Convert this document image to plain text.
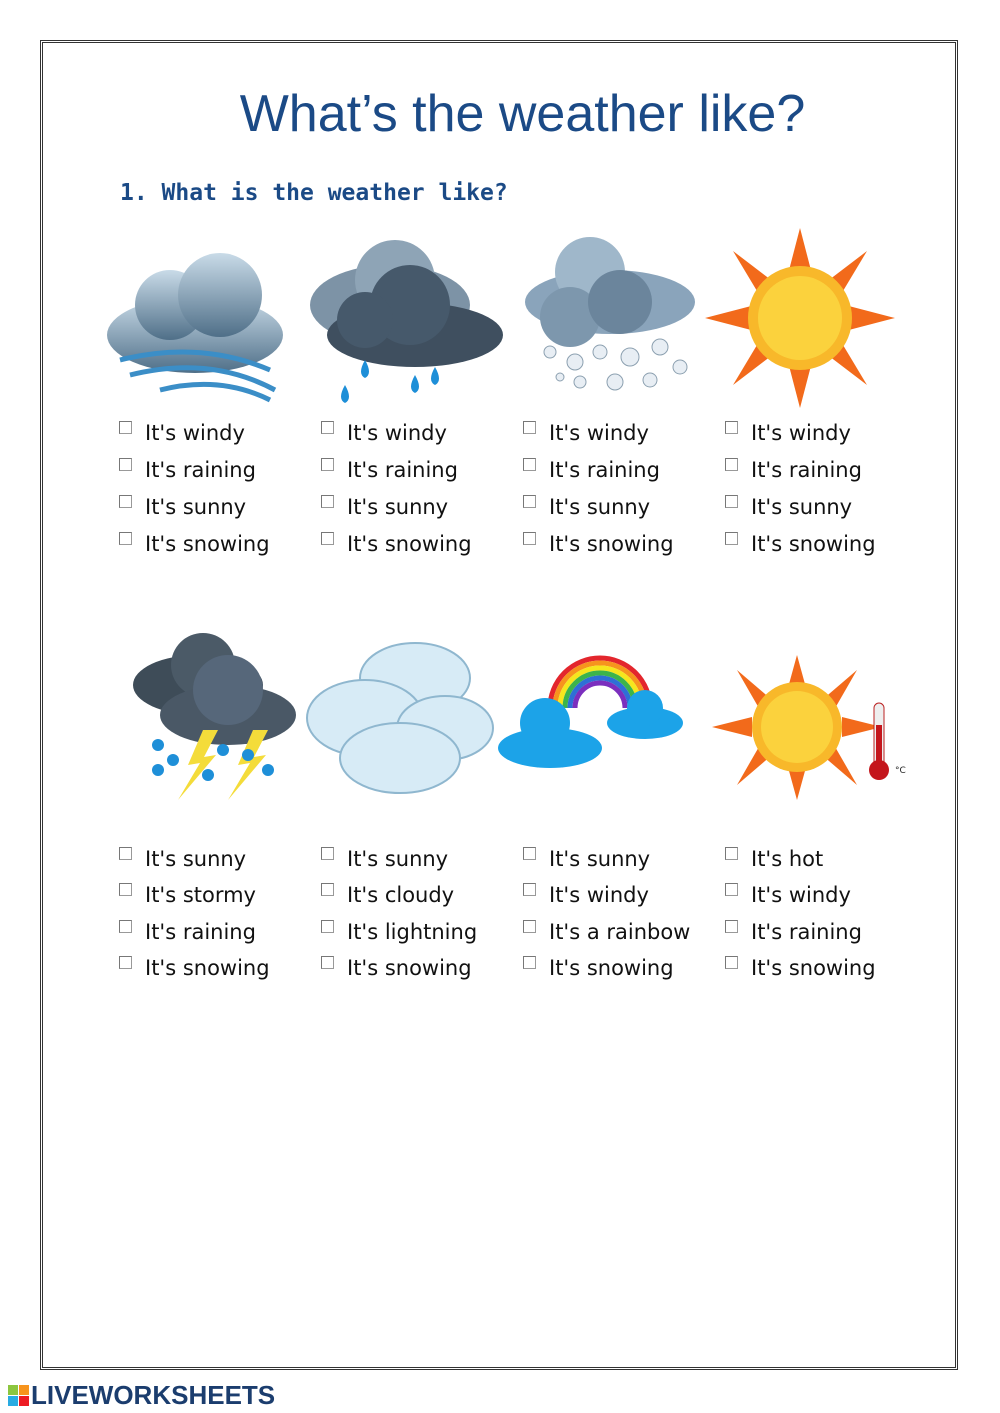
What’s the weather like?
1. What is the weather like?
°C
It's windy
It's raining
It's sunny
It's snowing
It's windy
It's raining
It's sunny
It's snowing
It's windy
It's raining
It's sunny
It's snowing
It's windy
It's raining
It's sunny
It's snowing
It's sunny
It's stormy
It's raining
It's snowing
It's sunny
It's cloudy
It's lightning
It's snowing
It's sunny
It's windy
It's a rainbow
It's snowing
It's hot
It's windy
It's raining
It's snowing
LIVEWORKSHEETS
